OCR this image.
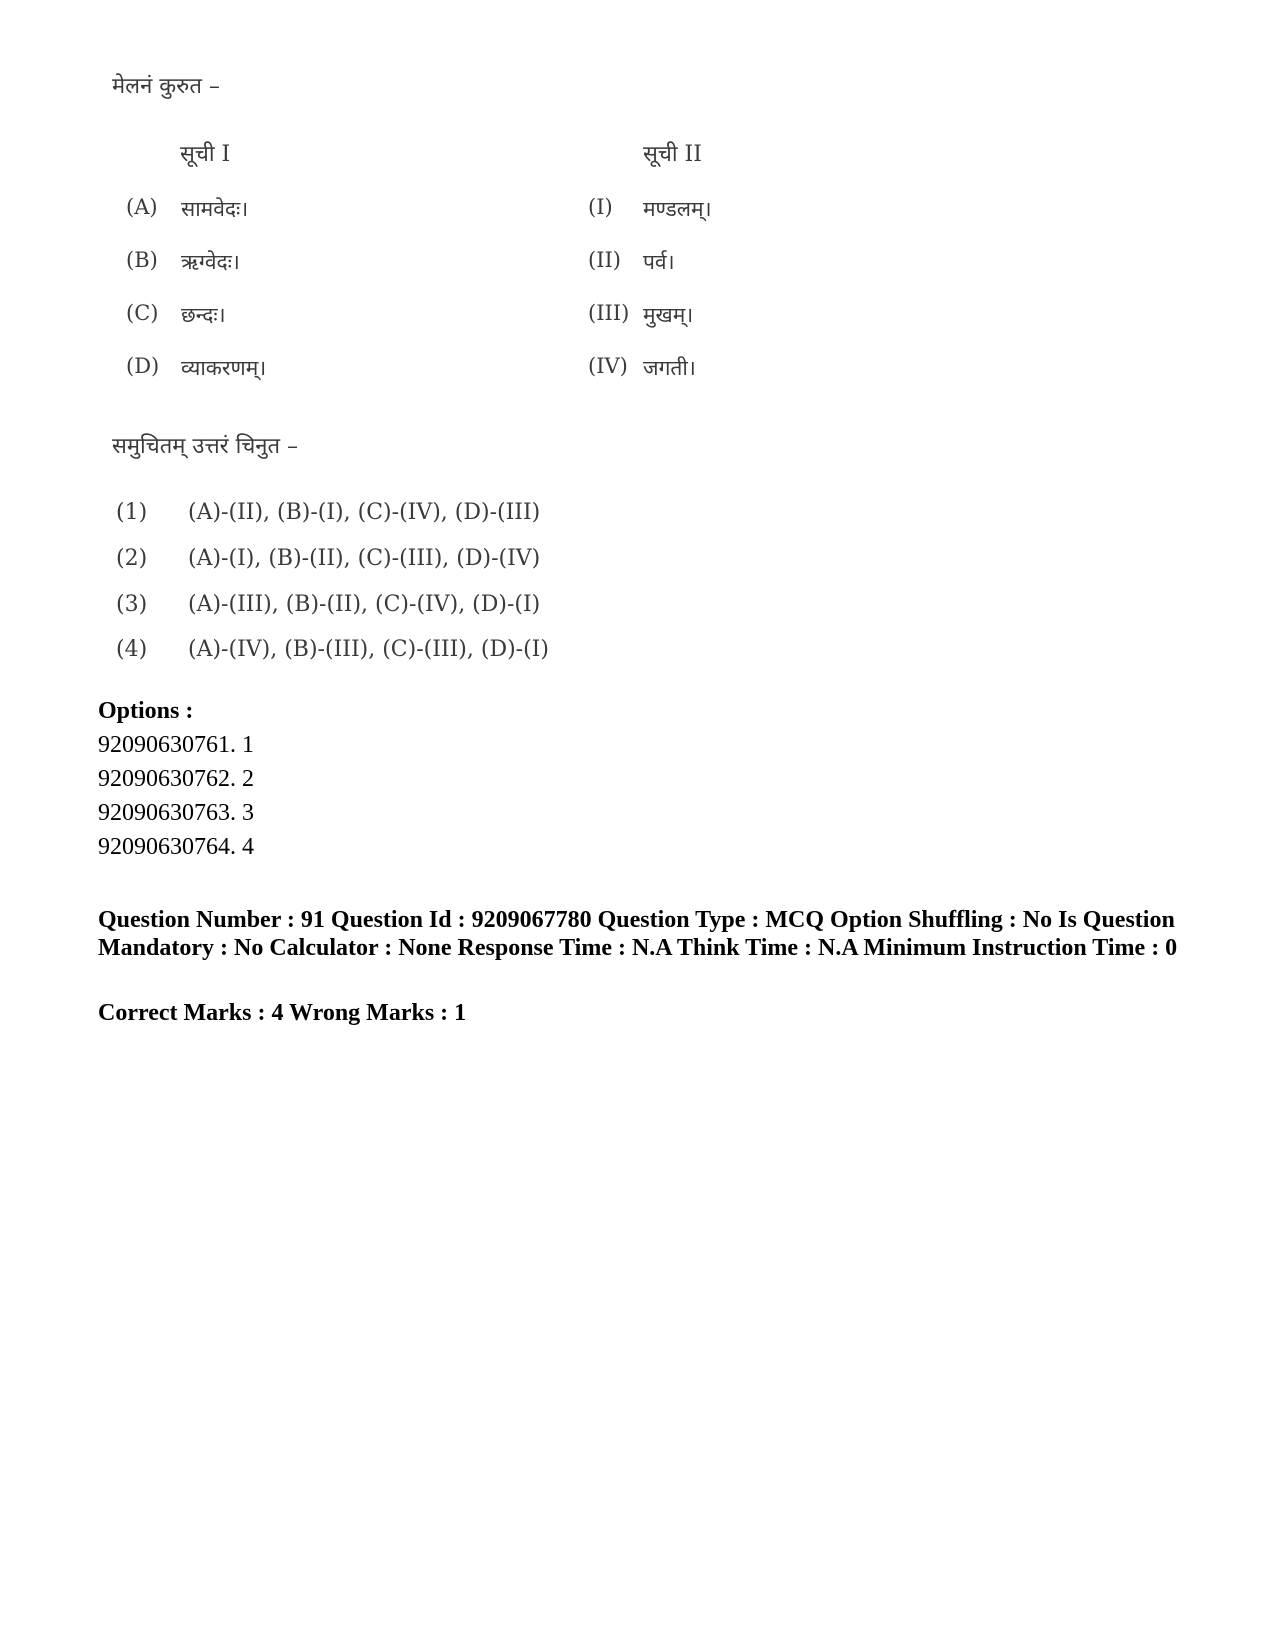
मेलनं कुरुत –
सूची I	सूची II
(A) सामवेदः।
(B) ऋग्वेदः।
(C) छन्दः।
(D) व्याकरणम्।
(I) मण्डलम्।
(II) पर्व।
(III) मुखम्।
(IV) जगती।
समुचितम् उत्तरं चिनुत –
(1) (A)-(II), (B)-(I), (C)-(IV), (D)-(III)
(2) (A)-(I), (B)-(II), (C)-(III), (D)-(IV)
(3) (A)-(III), (B)-(II), (C)-(IV), (D)-(I)
(4) (A)-(IV), (B)-(III), (C)-(III), (D)-(I)
Options :
92090630761. 1
92090630762. 2
92090630763. 3
92090630764. 4
Question Number : 91 Question Id : 9209067780 Question Type : MCQ Option Shuffling : No Is Question Mandatory : No Calculator : None Response Time : N.A Think Time : N.A Minimum Instruction Time : 0
Correct Marks : 4 Wrong Marks : 1
